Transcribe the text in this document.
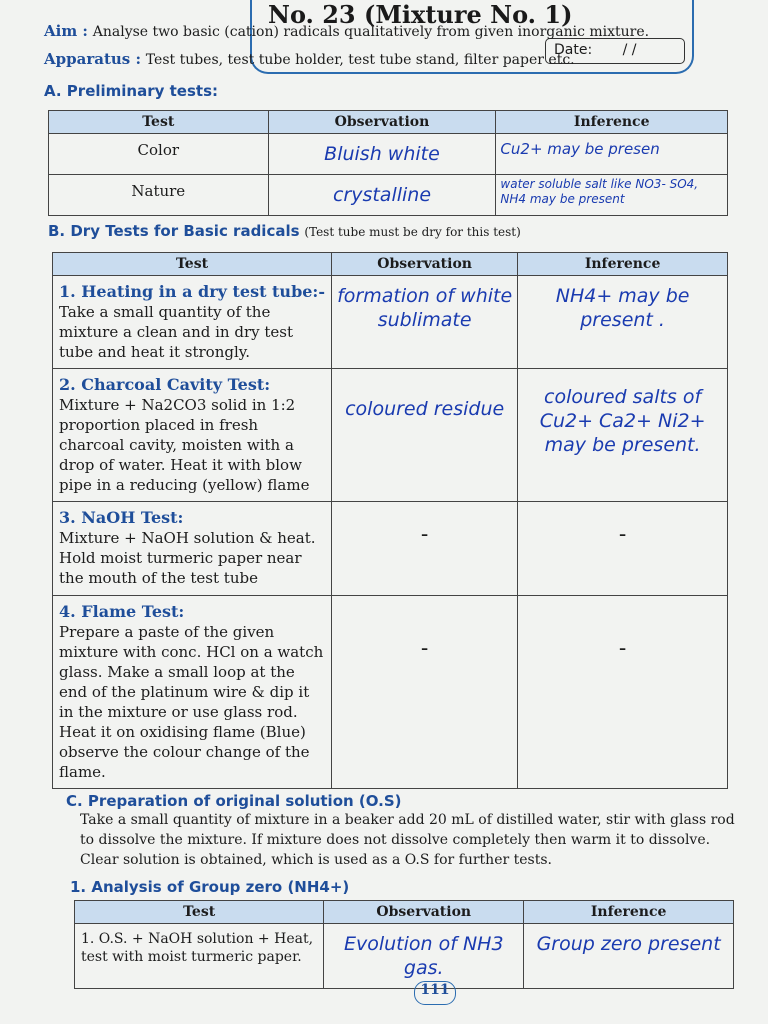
No. 23 (Mixture No. 1)
Date: / /
Aim : Analyse two basic (cation) radicals qualitatively from given inorganic mixture.
Apparatus : Test tubes, test tube holder, test tube stand, filter paper etc.
A. Preliminary tests:
Test	Observation	Inference
Color	Bluish white	Cu2+ may be presen
Nature	crystalline	water soluble salt like NO3- SO4, NH4 may be present
B. Dry Tests for Basic radicals (Test tube must be dry for this test)
Test	Observation	Inference

1. Heating in a dry test tube:-
Take a small quantity of the mixture a clean and in dry test tube and heat it strongly.	formation of white sublimate	NH4+ may be present .

2. Charcoal Cavity Test:
Mixture + Na2CO3 solid in 1:2 proportion placed in fresh charcoal cavity, moisten with a drop of water. Heat it with blow pipe in a reducing (yellow) flame	coloured residue	coloured salts of Cu2+ Ca2+ Ni2+ may be present.

3. NaOH Test:
Mixture + NaOH solution & heat. Hold moist turmeric paper near the mouth of the test tube	-	-

4. Flame Test:
Prepare a paste of the given mixture with conc. HCl on a watch glass. Make a small loop at the end of the platinum wire & dip it in the mixture or use glass rod. Heat it on oxidising flame (Blue) observe the colour change of the flame.	-	-
C. Preparation of original solution (O.S)
Take a small quantity of mixture in a beaker add 20 mL of distilled water, stir with glass rod
to dissolve the mixture. If mixture does not dissolve completely then warm it to dissolve.
Clear solution is obtained, which is used as a O.S for further tests.
1. Analysis of Group zero (NH4+)
Test	Observation	Inference
1. O.S. + NaOH solution + Heat, test with moist turmeric paper.	Evolution of NH3 gas.	Group zero present
111
